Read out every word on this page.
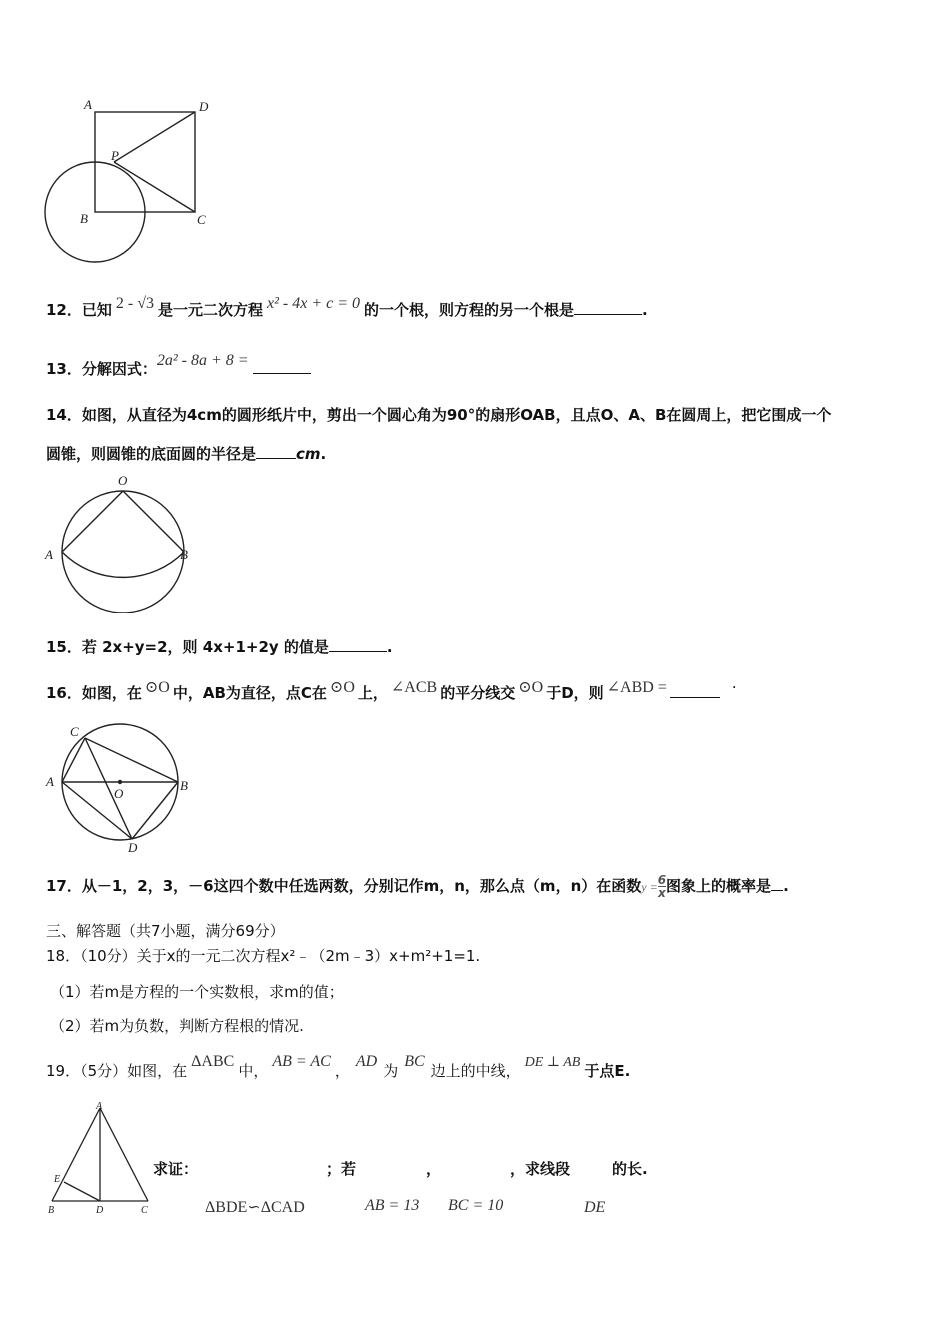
A	D
P
B	C
12．已知 2 - √3 是一元二次方程 x² - 4x + c = 0 的一个根，则方程的另一个根是	.
13．分解因式：2a² - 8a + 8 =
14．如图，从直径为4cm的圆形纸片中，剪出一个圆心角为90°的扇形OAB，且点O、A、B在圆周上，把它围成一个
圆锥，则圆锥的底面圆的半径是	cm.
O
A	B
15．若 2x+y=2，则 4x+1+2y 的值是	.
16．如图，在 ⊙O 中，AB为直径，点C在 ⊙O 上， ∠ACB 的平分线交 ⊙O 于D，则 ∠ABD =	.
C
A
O
B
D
17．从－1，2，3，－6这四个数中任选两数，分别记作m，n，那么点（m，n）在函数$y = \frac{6}{x}$ 图象上的概率是 .
三、解答题（共7小题，满分69分）
18．（10分）关于x的一元二次方程x²﹣（2m﹣3）x+m²+1=1.
（1）若m是方程的一个实数根，求m的值；
（2）若m为负数，判断方程根的情况.
19．（5分）如图，在ΔABC中，AB = AC，AD为BC边上的中线， DE ⊥ AB 于点E.
A
E
B	D	C
求证：	；若	，	，求线段	的长.
ΔBDE∽ΔCAD	AB = 13 BC = 10	DE
